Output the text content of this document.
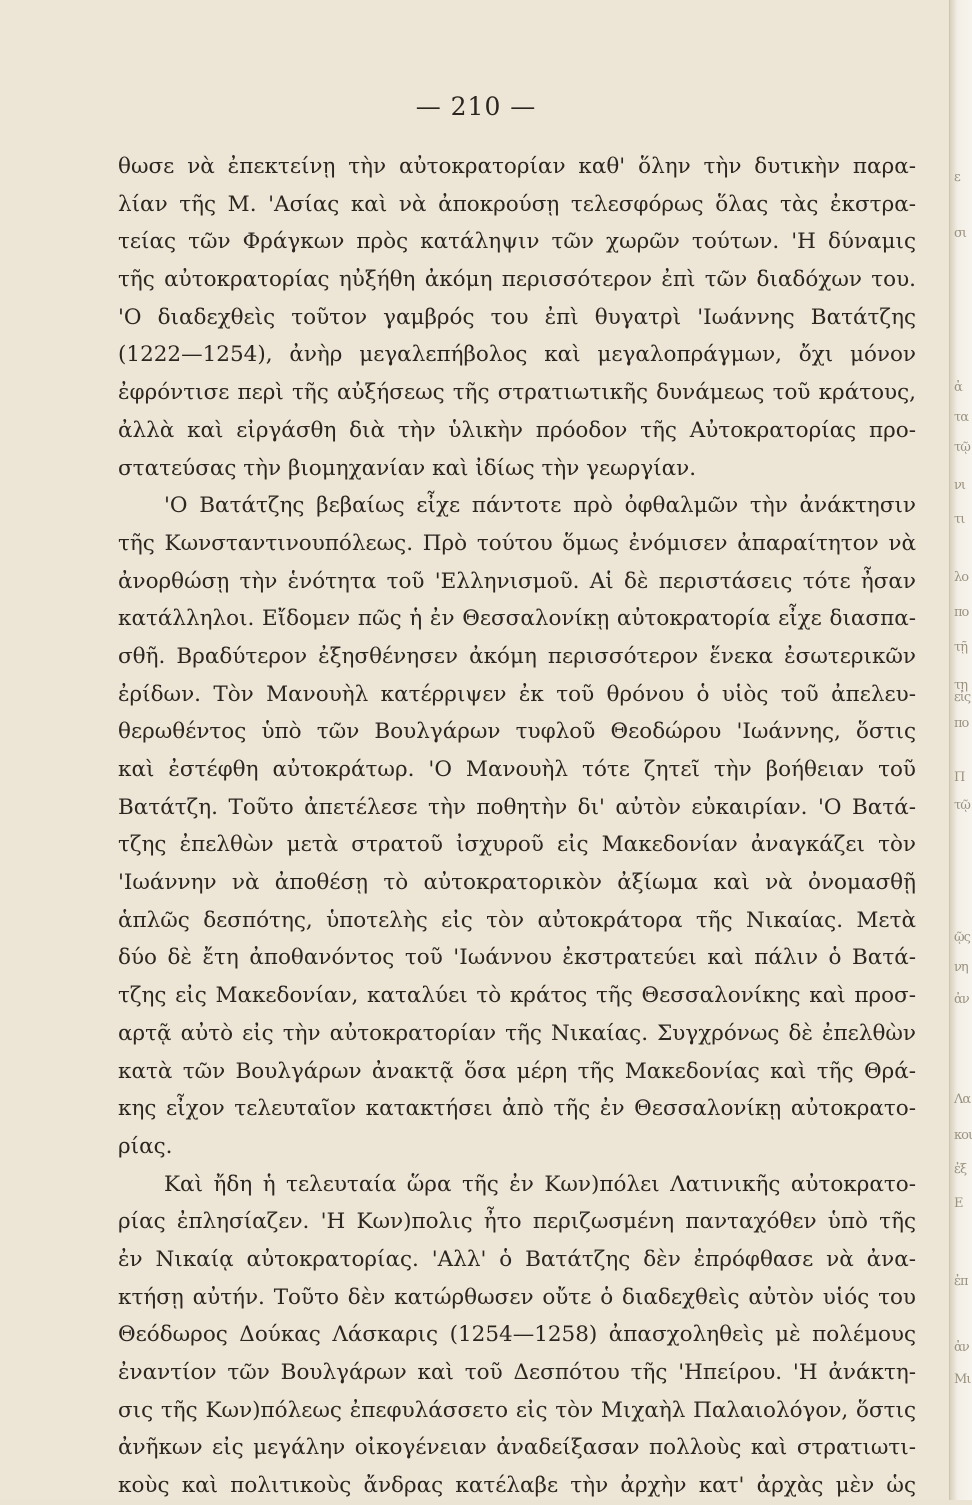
— 210 —
θωσε νὰ ἐπεκτείνῃ τὴν αὐτοκρατορίαν καθ' ὅλην τὴν δυτικὴν παρα-
λίαν τῆς Μ. 'Ασίας καὶ νὰ ἀποκρούσῃ τελεσφόρως ὅλας τὰς ἐκστρα-
τείας τῶν Φράγκων πρὸς κατάληψιν τῶν χωρῶν τούτων. 'Η δύναμις
τῆς αὐτοκρατορίας ηὐξήθη ἀκόμη περισσότερον ἐπὶ τῶν διαδόχων του.
'Ο διαδεχθεὶς τοῦτον γαμβρός του ἐπὶ θυγατρὶ 'Ιωάννης Βατάτζης
(1222—1254), ἀνὴρ μεγαλεπήβολος καὶ μεγαλοπράγμων, ὄχι μόνον
ἐφρόντισε περὶ τῆς αὐξήσεως τῆς στρατιωτικῆς δυνάμεως τοῦ κράτους,
ἀλλὰ καὶ εἰργάσθη διὰ τὴν ὑλικὴν πρόοδον τῆς Αὐτοκρατορίας προ-
στατεύσας τὴν βιομηχανίαν καὶ ἰδίως τὴν γεωργίαν.
'Ο Βατάτζης βεβαίως εἶχε πάντοτε πρὸ ὀφθαλμῶν τὴν ἀνάκτησιν
τῆς Κωνσταντινουπόλεως. Πρὸ τούτου ὅμως ἐνόμισεν ἀπαραίτητον νὰ
ἀνορθώσῃ τὴν ἑνότητα τοῦ 'Ελληνισμοῦ. Αἱ δὲ περιστάσεις τότε ἦσαν
κατάλληλοι. Εἴδομεν πῶς ἡ ἐν Θεσσαλονίκῃ αὐτοκρατορία εἶχε διασπα-
σθῆ. Βραδύτερον ἐξησθένησεν ἀκόμη περισσότερον ἕνεκα ἐσωτερικῶν
ἐρίδων. Τὸν Μανουὴλ κατέρριψεν ἐκ τοῦ θρόνου ὁ υἱὸς τοῦ ἀπελευ-
θερωθέντος ὑπὸ τῶν Βουλγάρων τυφλοῦ Θεοδώρου 'Ιωάννης, ὅστις
καὶ ἐστέφθη αὐτοκράτωρ. 'Ο Μανουὴλ τότε ζητεῖ τὴν βοήθειαν τοῦ
Βατάτζη. Τοῦτο ἀπετέλεσε τὴν ποθητὴν δι' αὐτὸν εὐκαιρίαν. 'Ο Βατά-
τζης ἐπελθὼν μετὰ στρατοῦ ἰσχυροῦ εἰς Μακεδονίαν ἀναγκάζει τὸν
'Ιωάννην νὰ ἀποθέσῃ τὸ αὐτοκρατορικὸν ἀξίωμα καὶ νὰ ὀνομασθῇ
ἁπλῶς δεσπότης, ὑποτελὴς εἰς τὸν αὐτοκράτορα τῆς Νικαίας. Μετὰ
δύο δὲ ἔτη ἀποθανόντος τοῦ 'Ιωάννου ἐκστρατεύει καὶ πάλιν ὁ Βατά-
τζης εἰς Μακεδονίαν, καταλύει τὸ κράτος τῆς Θεσσαλονίκης καὶ προσ-
αρτᾷ αὐτὸ εἰς τὴν αὐτοκρατορίαν τῆς Νικαίας. Συγχρόνως δὲ ἐπελθὼν
κατὰ τῶν Βουλγάρων ἀνακτᾷ ὅσα μέρη τῆς Μακεδονίας καὶ τῆς Θρά-
κης εἶχον τελευταῖον κατακτήσει ἀπὸ τῆς ἐν Θεσσαλονίκῃ αὐτοκρατο-
ρίας.
Καὶ ἤδη ἡ τελευταία ὥρα τῆς ἐν Κων)πόλει Λατινικῆς αὐτοκρατο-
ρίας ἐπλησίαζεν. 'Η Κων)πολις ἦτο περιζωσμένη πανταχόθεν ὑπὸ τῆς
ἐν Νικαίᾳ αὐτοκρατορίας. 'Αλλ' ὁ Βατάτζης δὲν ἐπρόφθασε νὰ ἀνα-
κτήσῃ αὐτήν. Τοῦτο δὲν κατώρθωσεν οὔτε ὁ διαδεχθεὶς αὐτὸν υἱός του
Θεόδωρος Δούκας Λάσκαρις (1254—1258) ἀπασχοληθεὶς μὲ πολέμους
ἐναντίον τῶν Βουλγάρων καὶ τοῦ Δεσπότου τῆς 'Ηπείρου. 'Η ἀνάκτη-
σις τῆς Κων)πόλεως ἐπεφυλάσσετο εἰς τὸν Μιχαὴλ Παλαιολόγον, ὅστις
ἀνῆκων εἰς μεγάλην οἰκογένειαν ἀναδείξασαν πολλοὺς καὶ στρατιωτι-
κοὺς καὶ πολιτικοὺς ἄνδρας κατέλαβε τὴν ἀρχὴν κατ' ἀρχὰς μὲν ὡς
ε
σι
ἀ
τα
τῷ
νι
τι
λο
πο
τῇ
τῃ
εἰς
πο
Π
τῷ
ῷς
νη
ἀν
Λα
κοι
ἐξ
Ε
ἐπ
ἀν
Μι
